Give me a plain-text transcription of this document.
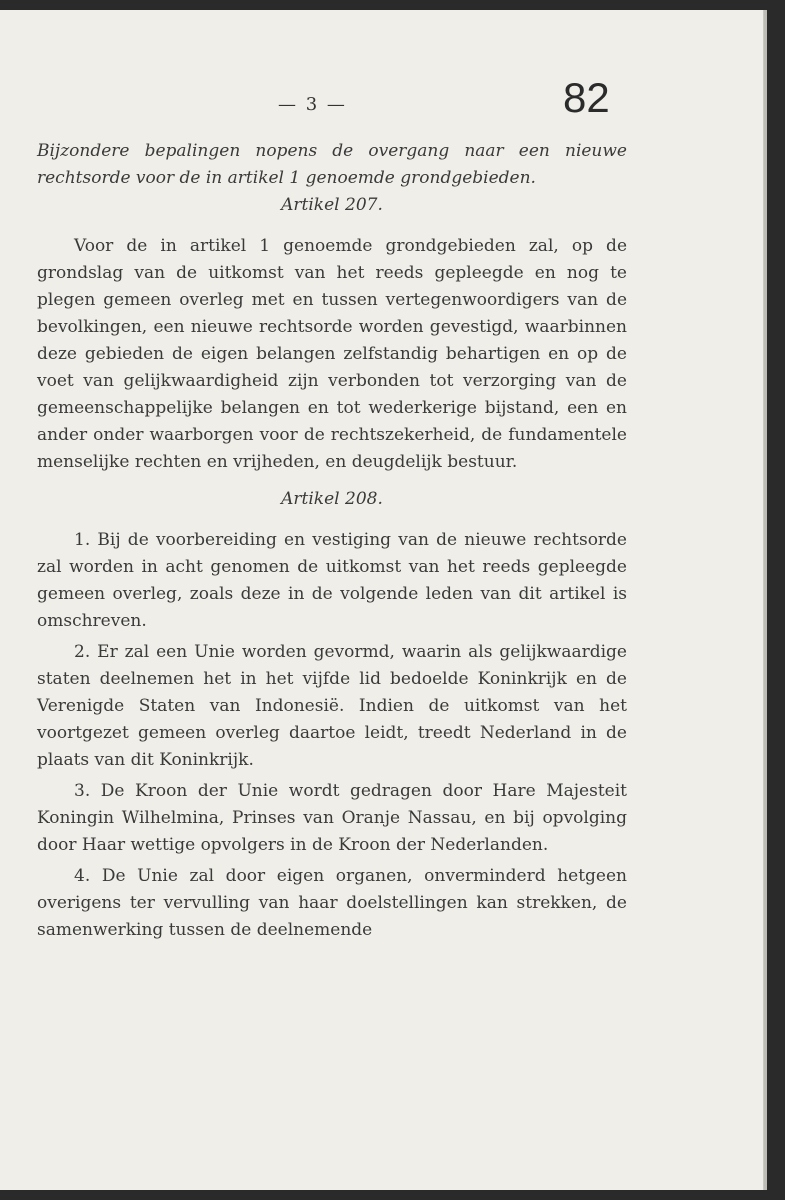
— 3 —	82

Bijzondere bepalingen nopens de overgang naar een nieuwe rechtsorde voor de in artikel 1 genoemde grondgebieden.

Artikel 207.

Voor de in artikel 1 genoemde grondgebieden zal, op de grondslag van de uitkomst van het reeds gepleegde en nog te plegen gemeen overleg met en tussen vertegenwoordigers van de bevolkingen, een nieuwe rechtsorde worden gevestigd, waarbinnen deze gebieden de eigen belangen zelfstandig behartigen en op de voet van gelijkwaardigheid zijn verbonden tot verzorging van de gemeenschappelijke belangen en tot wederkerige bijstand, een en ander onder waarborgen voor de rechtszekerheid, de fundamentele menselijke rechten en vrijheden, en deugdelijk bestuur.

Artikel 208.

1. Bij de voorbereiding en vestiging van de nieuwe rechtsorde zal worden in acht genomen de uitkomst van het reeds gepleegde gemeen overleg, zoals deze in de volgende leden van dit artikel is omschreven.

2. Er zal een Unie worden gevormd, waarin als gelijkwaardige staten deelnemen het in het vijfde lid bedoelde Koninkrijk en de Verenigde Staten van Indonesië. Indien de uitkomst van het voortgezet gemeen overleg daartoe leidt, treedt Nederland in de plaats van dit Koninkrijk.

3. De Kroon der Unie wordt gedragen door Hare Majesteit Koningin Wilhelmina, Prinses van Oranje Nassau, en bij opvolging door Haar wettige opvolgers in de Kroon der Nederlanden.

4. De Unie zal door eigen organen, onverminderd hetgeen overigens ter vervulling van haar doelstellingen kan strekken, de samenwerking tussen de deelnemende
